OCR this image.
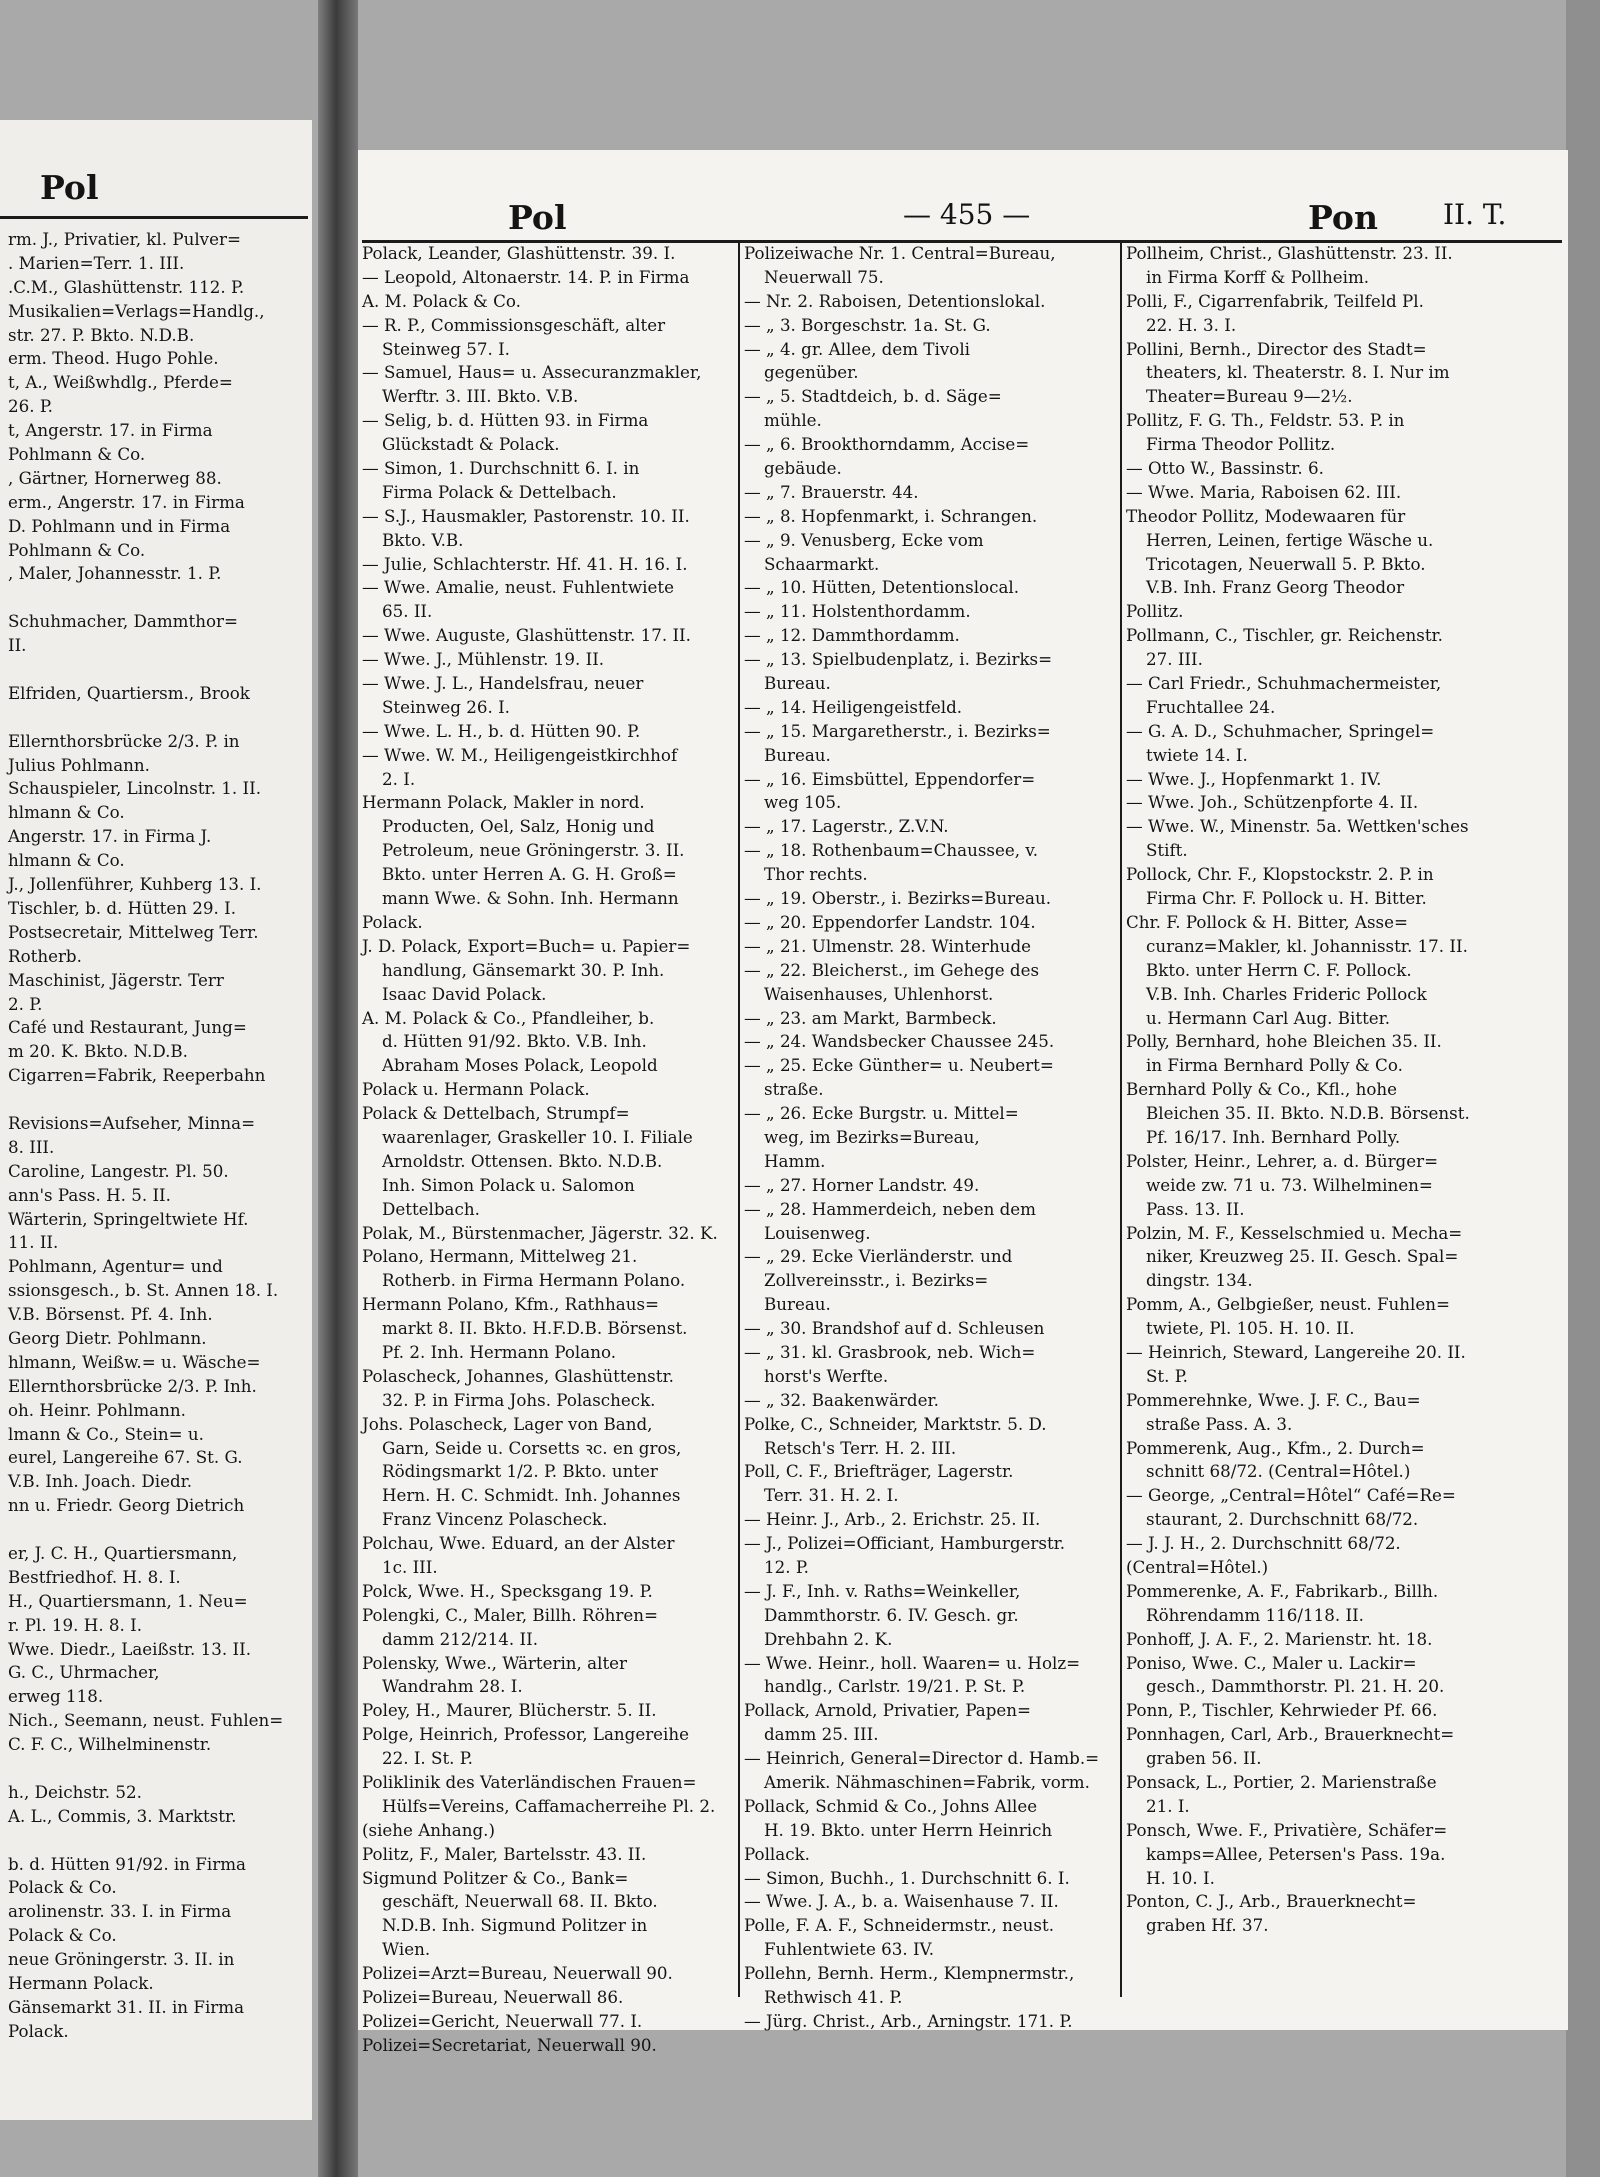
Pol
rm. J., Privatier, kl. Pulver=
. Marien=Terr. 1. III.
.C.M., Glashüttenstr. 112. P.
Musikalien=Verlags=Handlg.,
str. 27. P. Bkto. N.D.B.
erm. Theod. Hugo Pohle.
t, A., Weißwhdlg., Pferde=
26. P.
t, Angerstr. 17. in Firma
Pohlmann & Co.
, Gärtner, Hornerweg 88.
erm., Angerstr. 17. in Firma
D. Pohlmann und in Firma
Pohlmann & Co.
, Maler, Johannesstr. 1. P.
Schuhmacher, Dammthor=
II.
Elfriden, Quartiersm., Brook
Ellernthorsbrücke 2/3. P. in
Julius Pohlmann.
Schauspieler, Lincolnstr. 1. II.
hlmann & Co.
Angerstr. 17. in Firma J.
hlmann & Co.
J., Jollenführer, Kuhberg 13. I.
Tischler, b. d. Hütten 29. I.
Postsecretair, Mittelweg Terr.
Rotherb.
Maschinist, Jägerstr. Terr
2. P.
Café und Restaurant, Jung=
m 20. K. Bkto. N.D.B.
Cigarren=Fabrik, Reeperbahn
Revisions=Aufseher, Minna=
8. III.
Caroline, Langestr. Pl. 50.
ann's Pass. H. 5. II.
Wärterin, Springeltwiete Hf.
11. II.
Pohlmann, Agentur= und
ssionsgesch., b. St. Annen 18. I.
V.B. Börsenst. Pf. 4. Inh.
Georg Dietr. Pohlmann.
hlmann, Weißw.= u. Wäsche=
Ellernthorsbrücke 2/3. P. Inh.
oh. Heinr. Pohlmann.
lmann & Co., Stein= u.
eurel, Langereihe 67. St. G.
V.B. Inh. Joach. Diedr.
nn u. Friedr. Georg Dietrich
er, J. C. H., Quartiersmann,
Bestfriedhof. H. 8. I.
H., Quartiersmann, 1. Neu=
r. Pl. 19. H. 8. I.
Wwe. Diedr., Laeißstr. 13. II.
G. C., Uhrmacher,
erweg 118.
Nich., Seemann, neust. Fuhlen=
C. F. C., Wilhelminenstr.
h., Deichstr. 52.
A. L., Commis, 3. Marktstr.
b. d. Hütten 91/92. in Firma
Polack & Co.
arolinenstr. 33. I. in Firma
Polack & Co.
neue Gröningerstr. 3. II. in
Hermann Polack.
Gänsemarkt 31. II. in Firma
Polack.
Pol	— 455 —	Pon II. T.
Polack, Leander, Glashüttenstr. 39. I.
— Leopold, Altonaerstr. 14. P. in Firma
A. M. Polack & Co.
— R. P., Commissionsgeschäft, alter
Steinweg 57. I.
— Samuel, Haus= u. Assecuranzmakler,
Werftr. 3. III. Bkto. V.B.
— Selig, b. d. Hütten 93. in Firma
Glückstadt & Polack.
— Simon, 1. Durchschnitt 6. I. in
Firma Polack & Dettelbach.
— S.J., Hausmakler, Pastorenstr. 10. II.
Bkto. V.B.
— Julie, Schlachterstr. Hf. 41. H. 16. I.
— Wwe. Amalie, neust. Fuhlentwiete
65. II.
— Wwe. Auguste, Glashüttenstr. 17. II.
— Wwe. J., Mühlenstr. 19. II.
— Wwe. J. L., Handelsfrau, neuer
Steinweg 26. I.
— Wwe. L. H., b. d. Hütten 90. P.
— Wwe. W. M., Heiligengeistkirchhof
2. I.
Hermann Polack, Makler in nord.
Producten, Oel, Salz, Honig und
Petroleum, neue Gröningerstr. 3. II.
Bkto. unter Herren A. G. H. Groß=
mann Wwe. & Sohn. Inh. Hermann
Polack.
J. D. Polack, Export=Buch= u. Papier=
handlung, Gänsemarkt 30. P. Inh.
Isaac David Polack.
A. M. Polack & Co., Pfandleiher, b.
d. Hütten 91/92. Bkto. V.B. Inh.
Abraham Moses Polack, Leopold
Polack u. Hermann Polack.
Polack & Dettelbach, Strumpf=
waarenlager, Graskeller 10. I. Filiale
Arnoldstr. Ottensen. Bkto. N.D.B.
Inh. Simon Polack u. Salomon
Dettelbach.
Polak, M., Bürstenmacher, Jägerstr. 32. K.
Polano, Hermann, Mittelweg 21.
Rotherb. in Firma Hermann Polano.
Hermann Polano, Kfm., Rathhaus=
markt 8. II. Bkto. H.F.D.B. Börsenst.
Pf. 2. Inh. Hermann Polano.
Polascheck, Johannes, Glashüttenstr.
32. P. in Firma Johs. Polascheck.
Johs. Polascheck, Lager von Band,
Garn, Seide u. Corsetts ꝛc. en gros,
Rödingsmarkt 1/2. P. Bkto. unter
Hern. H. C. Schmidt. Inh. Johannes
Franz Vincenz Polascheck.
Polchau, Wwe. Eduard, an der Alster
1c. III.
Polck, Wwe. H., Specksgang 19. P.
Polengki, C., Maler, Billh. Röhren=
damm 212/214. II.
Polensky, Wwe., Wärterin, alter
Wandrahm 28. I.
Poley, H., Maurer, Blücherstr. 5. II.
Polge, Heinrich, Professor, Langereihe
22. I. St. P.
Poliklinik des Vaterländischen Frauen=
Hülfs=Vereins, Caffamacherreihe Pl. 2.
(siehe Anhang.)
Politz, F., Maler, Bartelsstr. 43. II.
Sigmund Politzer & Co., Bank=
geschäft, Neuerwall 68. II. Bkto.
N.D.B. Inh. Sigmund Politzer in
Wien.
Polizei=Arzt=Bureau, Neuerwall 90.
Polizei=Bureau, Neuerwall 86.
Polizei=Gericht, Neuerwall 77. I.
Polizei=Secretariat, Neuerwall 90.
Polizeiwache Nr. 1. Central=Bureau,
Neuerwall 75.
— Nr. 2. Raboisen, Detentionslokal.
— „ 3. Borgeschstr. 1a. St. G.
— „ 4. gr. Allee, dem Tivoli
gegenüber.
— „ 5. Stadtdeich, b. d. Säge=
mühle.
— „ 6. Brookthorndamm, Accise=
gebäude.
— „ 7. Brauerstr. 44.
— „ 8. Hopfenmarkt, i. Schrangen.
— „ 9. Venusberg, Ecke vom
Schaarmarkt.
— „ 10. Hütten, Detentionslocal.
— „ 11. Holstenthordamm.
— „ 12. Dammthordamm.
— „ 13. Spielbudenplatz, i. Bezirks=
Bureau.
— „ 14. Heiligengeistfeld.
— „ 15. Margaretherstr., i. Bezirks=
Bureau.
— „ 16. Eimsbüttel, Eppendorfer=
weg 105.
— „ 17. Lagerstr., Z.V.N.
— „ 18. Rothenbaum=Chaussee, v.
Thor rechts.
— „ 19. Oberstr., i. Bezirks=Bureau.
— „ 20. Eppendorfer Landstr. 104.
— „ 21. Ulmenstr. 28. Winterhude
— „ 22. Bleicherst., im Gehege des
Waisenhauses, Uhlenhorst.
— „ 23. am Markt, Barmbeck.
— „ 24. Wandsbecker Chaussee 245.
— „ 25. Ecke Günther= u. Neubert=
straße.
— „ 26. Ecke Burgstr. u. Mittel=
weg, im Bezirks=Bureau,
Hamm.
— „ 27. Horner Landstr. 49.
— „ 28. Hammerdeich, neben dem
Louisenweg.
— „ 29. Ecke Vierländerstr. und
Zollvereinsstr., i. Bezirks=
Bureau.
— „ 30. Brandshof auf d. Schleusen
— „ 31. kl. Grasbrook, neb. Wich=
horst's Werfte.
— „ 32. Baakenwärder.
Polke, C., Schneider, Marktstr. 5. D.
Retsch's Terr. H. 2. III.
Poll, C. F., Briefträger, Lagerstr.
Terr. 31. H. 2. I.
— Heinr. J., Arb., 2. Erichstr. 25. II.
— J., Polizei=Officiant, Hamburgerstr.
12. P.
— J. F., Inh. v. Raths=Weinkeller,
Dammthorstr. 6. IV. Gesch. gr.
Drehbahn 2. K.
— Wwe. Heinr., holl. Waaren= u. Holz=
handlg., Carlstr. 19/21. P. St. P.
Pollack, Arnold, Privatier, Papen=
damm 25. III.
— Heinrich, General=Director d. Hamb.=
Amerik. Nähmaschinen=Fabrik, vorm.
Pollack, Schmid & Co., Johns Allee
H. 19. Bkto. unter Herrn Heinrich
Pollack.
— Simon, Buchh., 1. Durchschnitt 6. I.
— Wwe. J. A., b. a. Waisenhause 7. II.
Polle, F. A. F., Schneidermstr., neust.
Fuhlentwiete 63. IV.
Pollehn, Bernh. Herm., Klempnermstr.,
Rethwisch 41. P.
— Jürg. Christ., Arb., Arningstr. 171. P.
Pollheim, Christ., Glashüttenstr. 23. II.
in Firma Korff & Pollheim.
Polli, F., Cigarrenfabrik, Teilfeld Pl.
22. H. 3. I.
Pollini, Bernh., Director des Stadt=
theaters, kl. Theaterstr. 8. I. Nur im
Theater=Bureau 9—2½.
Pollitz, F. G. Th., Feldstr. 53. P. in
Firma Theodor Pollitz.
— Otto W., Bassinstr. 6.
— Wwe. Maria, Raboisen 62. III.
Theodor Pollitz, Modewaaren für
Herren, Leinen, fertige Wäsche u.
Tricotagen, Neuerwall 5. P. Bkto.
V.B. Inh. Franz Georg Theodor
Pollitz.
Pollmann, C., Tischler, gr. Reichenstr.
27. III.
— Carl Friedr., Schuhmachermeister,
Fruchtallee 24.
— G. A. D., Schuhmacher, Springel=
twiete 14. I.
— Wwe. J., Hopfenmarkt 1. IV.
— Wwe. Joh., Schützenpforte 4. II.
— Wwe. W., Minenstr. 5a. Wettken'sches
Stift.
Pollock, Chr. F., Klopstockstr. 2. P. in
Firma Chr. F. Pollock u. H. Bitter.
Chr. F. Pollock & H. Bitter, Asse=
curanz=Makler, kl. Johannisstr. 17. II.
Bkto. unter Herrn C. F. Pollock.
V.B. Inh. Charles Frideric Pollock
u. Hermann Carl Aug. Bitter.
Polly, Bernhard, hohe Bleichen 35. II.
in Firma Bernhard Polly & Co.
Bernhard Polly & Co., Kfl., hohe
Bleichen 35. II. Bkto. N.D.B. Börsenst.
Pf. 16/17. Inh. Bernhard Polly.
Polster, Heinr., Lehrer, a. d. Bürger=
weide zw. 71 u. 73. Wilhelminen=
Pass. 13. II.
Polzin, M. F., Kesselschmied u. Mecha=
niker, Kreuzweg 25. II. Gesch. Spal=
dingstr. 134.
Pomm, A., Gelbgießer, neust. Fuhlen=
twiete, Pl. 105. H. 10. II.
— Heinrich, Steward, Langereihe 20. II.
St. P.
Pommerehnke, Wwe. J. F. C., Bau=
straße Pass. A. 3.
Pommerenk, Aug., Kfm., 2. Durch=
schnitt 68/72. (Central=Hôtel.)
— George, „Central=Hôtel“ Café=Re=
staurant, 2. Durchschnitt 68/72.
— J. J. H., 2. Durchschnitt 68/72.
(Central=Hôtel.)
Pommerenke, A. F., Fabrikarb., Billh.
Röhrendamm 116/118. II.
Ponhoff, J. A. F., 2. Marienstr. ht. 18.
Poniso, Wwe. C., Maler u. Lackir=
gesch., Dammthorstr. Pl. 21. H. 20.
Ponn, P., Tischler, Kehrwieder Pf. 66.
Ponnhagen, Carl, Arb., Brauerknecht=
graben 56. II.
Ponsack, L., Portier, 2. Marienstraße
21. I.
Ponsch, Wwe. F., Privatière, Schäfer=
kamps=Allee, Petersen's Pass. 19a.
H. 10. I.
Ponton, C. J., Arb., Brauerknecht=
graben Hf. 37.
